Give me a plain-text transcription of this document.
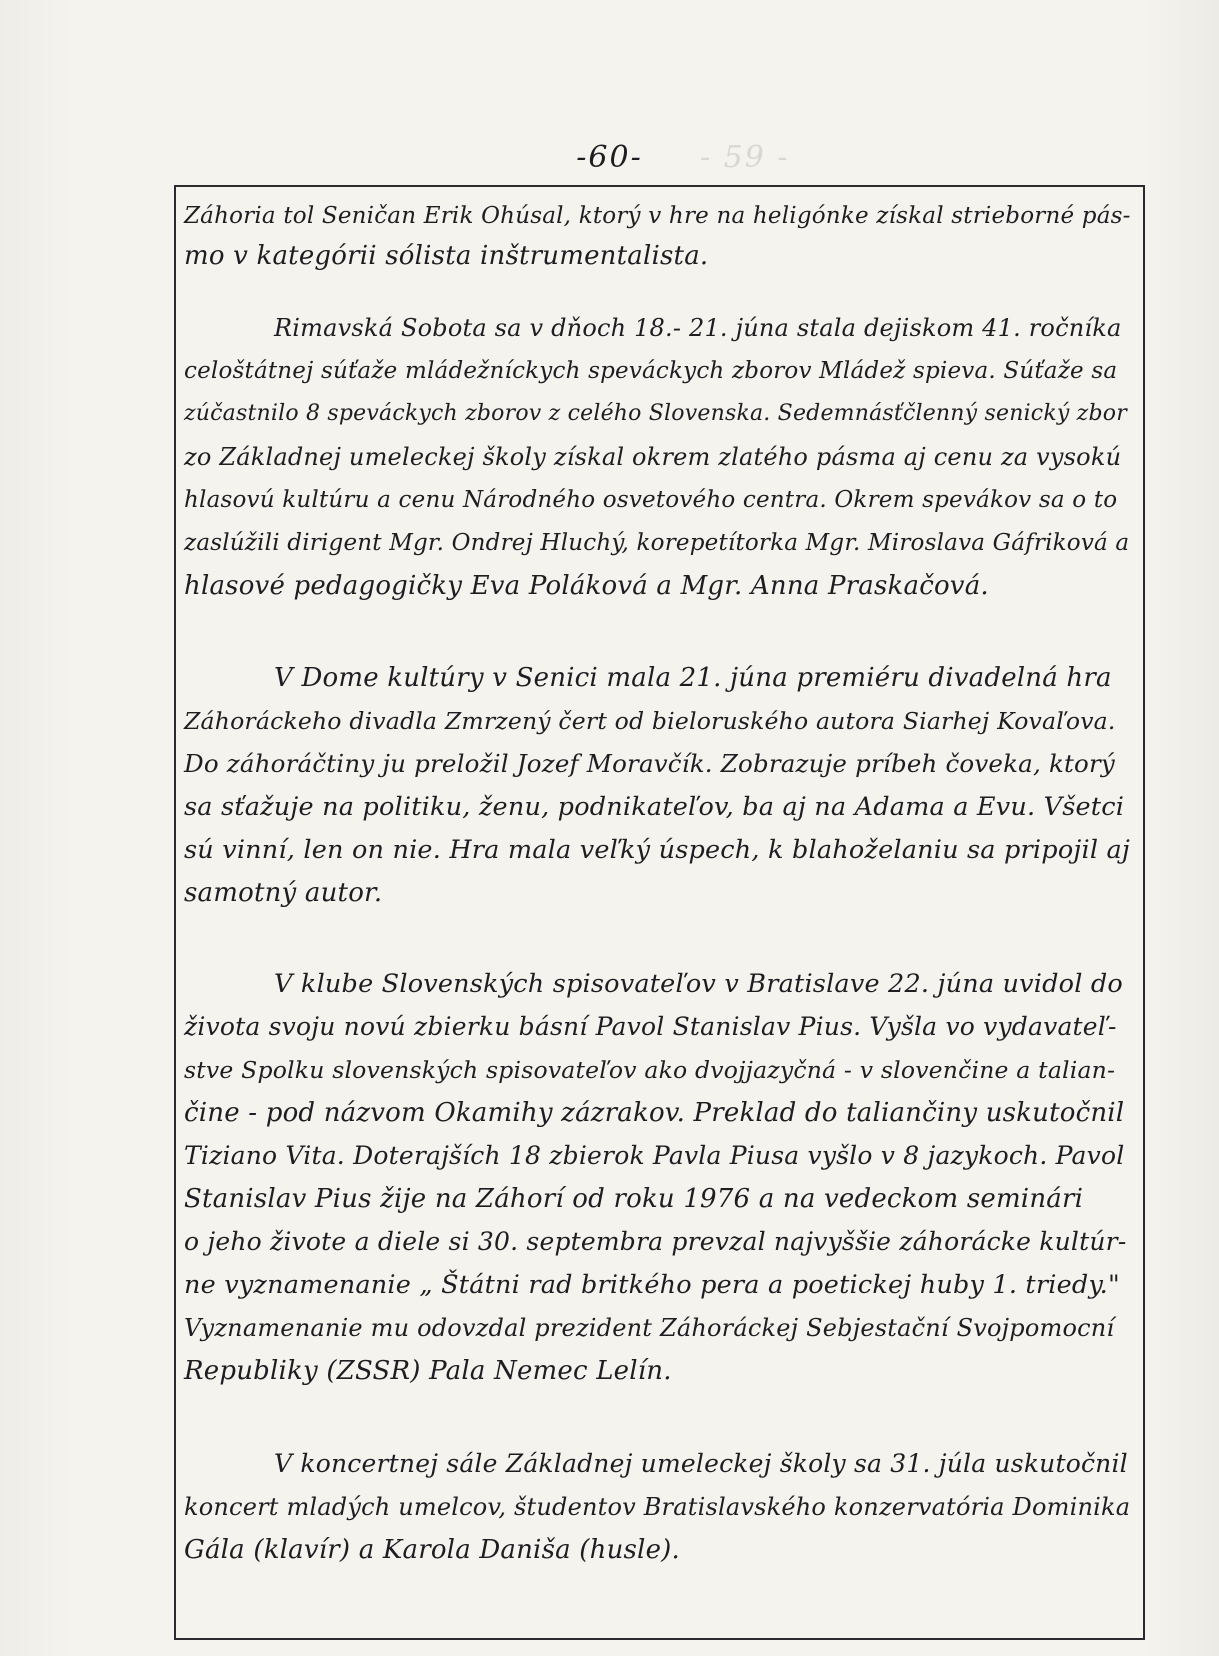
- 59 -
-60-
Záhoria tol Seničan Erik Ohúsal, ktorý v hre na heligónke získal strieborné pás-
mo v kategórii sólista inštrumentalista.
Rimavská Sobota sa v dňoch 18.- 21. júna stala dejiskom 41. ročníka
celoštátnej súťaže mládežníckych speváckych zborov Mládež spieva. Súťaže sa
zúčastnilo 8 speváckych zborov z celého Slovenska. Sedemnásťčlenný senický zbor
zo Základnej umeleckej školy získal okrem zlatého pásma aj cenu za vysokú
hlasovú kultúru a cenu Národného osvetového centra. Okrem spevákov sa o to
zaslúžili dirigent Mgr. Ondrej Hluchý, korepetítorka Mgr. Miroslava Gáfriková a
hlasové pedagogičky Eva Poláková a Mgr. Anna Praskačová.
V Dome kultúry v Senici mala 21. júna premiéru divadelná hra
Záhoráckeho divadla Zmrzený čert od bieloruského autora Siarhej Kovaľova.
Do záhoráčtiny ju preložil Jozef Moravčík. Zobrazuje príbeh čoveka, ktorý
sa sťažuje na politiku, ženu, podnikateľov, ba aj na Adama a Evu. Všetci
sú vinní, len on nie. Hra mala veľký úspech, k blahoželaniu sa pripojil aj
samotný autor.
V klube Slovenských spisovateľov v Bratislave 22. júna uvidol do
života svoju novú zbierku básní Pavol Stanislav Pius. Vyšla vo vydavateľ-
stve Spolku slovenských spisovateľov ako dvojjazyčná - v slovenčine a talian-
čine - pod názvom Okamihy zázrakov. Preklad do taliančiny uskutočnil
Tiziano Vita. Doterajších 18 zbierok Pavla Piusa vyšlo v 8 jazykoch. Pavol
Stanislav Pius žije na Záhorí od roku 1976 a na vedeckom seminári
o jeho živote a diele si 30. septembra prevzal najvyššie záhorácke kultúr-
ne vyznamenanie „ Štátni rad britkého pera a poetickej huby 1. triedy."
Vyznamenanie mu odovzdal prezident Záhoráckej Sebjestační Svojpomocní
Republiky (ZSSR) Pala Nemec Lelín.
V koncertnej sále Základnej umeleckej školy sa 31. júla uskutočnil
koncert mladých umelcov, študentov Bratislavského konzervatória Dominika
Gála (klavír) a Karola Daniša (husle).
